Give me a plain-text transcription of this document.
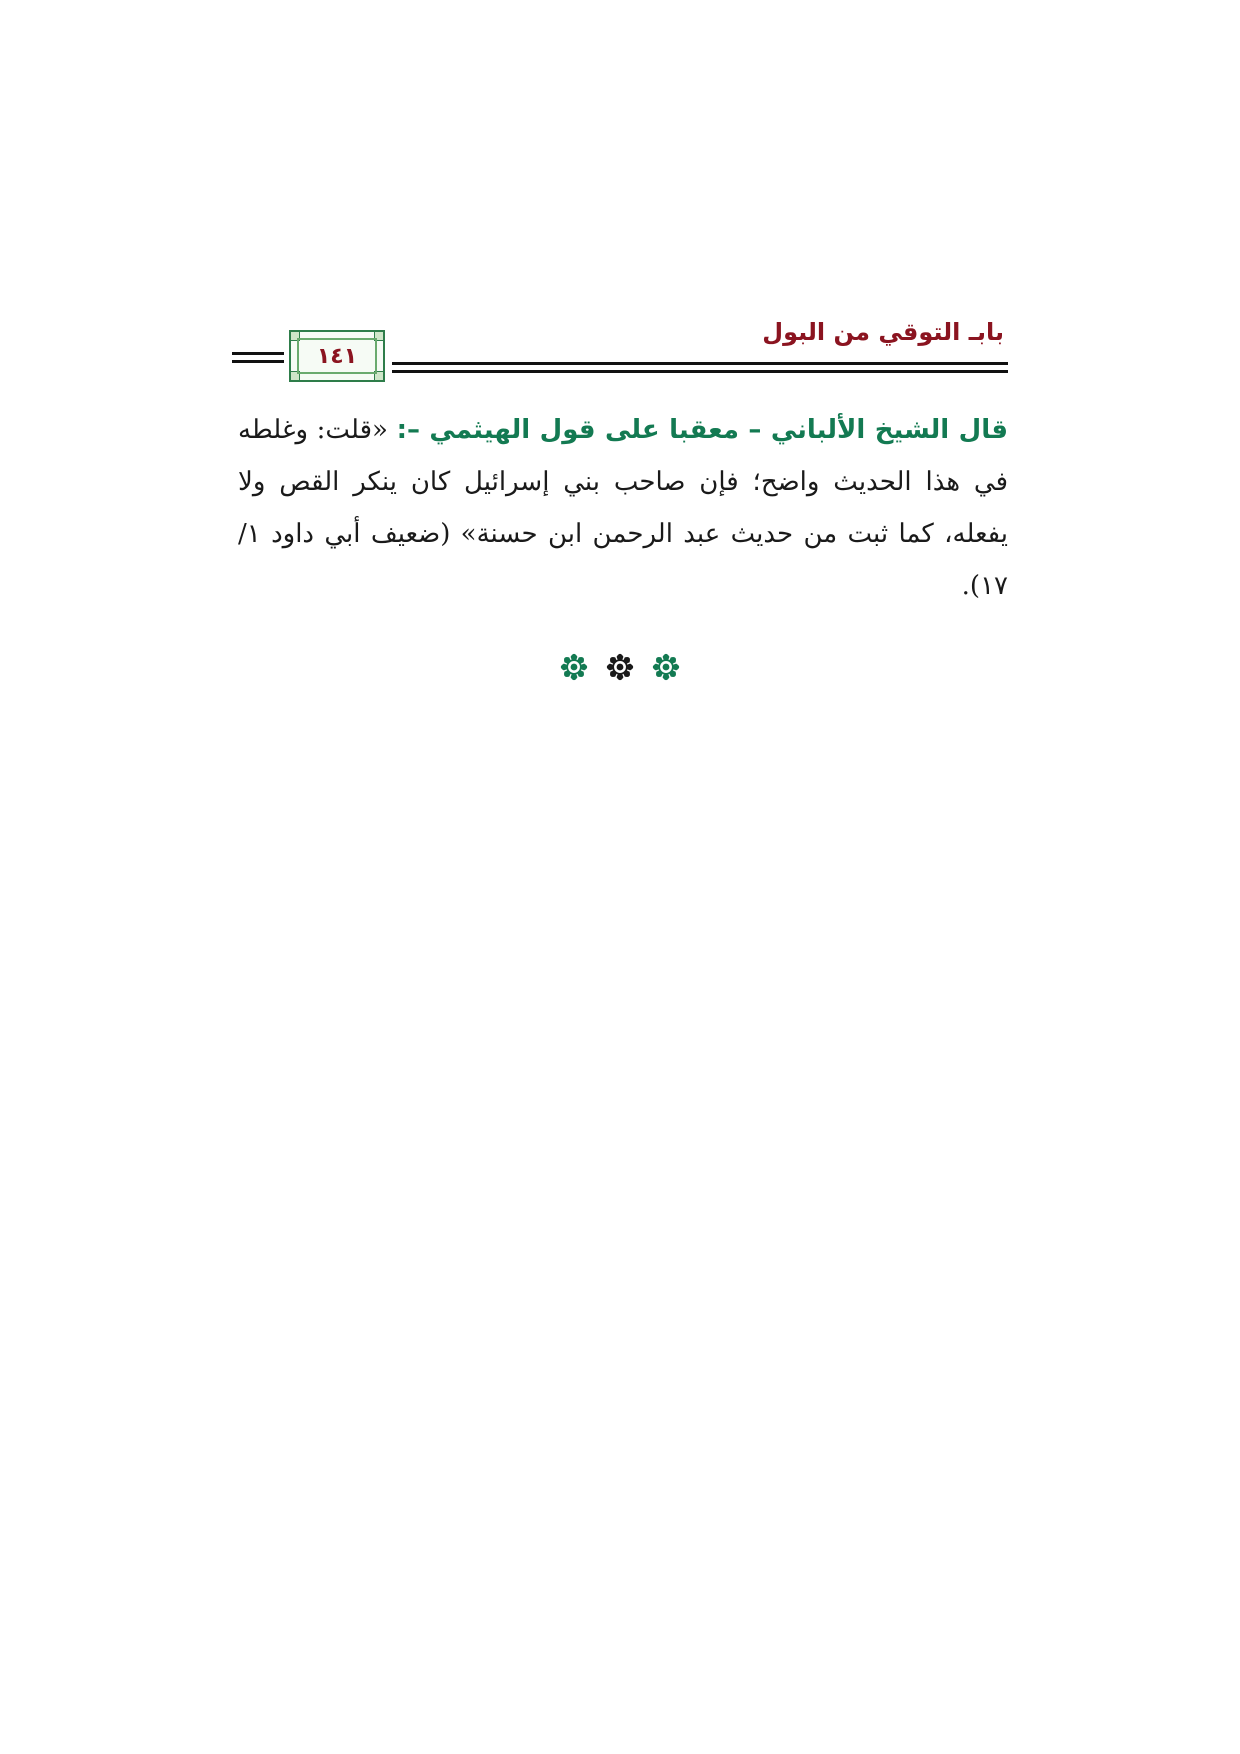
بابـ التوقي من البول
١٤١
قال الشيخ الألباني – معقبا على قول الهيثمي –: «قلت: وغلطه في هذا الحديث واضح؛ فإن صاحب بني إسرائيل كان ينكر القص ولا يفعله، كما ثبت من حديث عبد الرحمن ابن حسنة» (ضعيف أبي داود ١/ ١٧).
